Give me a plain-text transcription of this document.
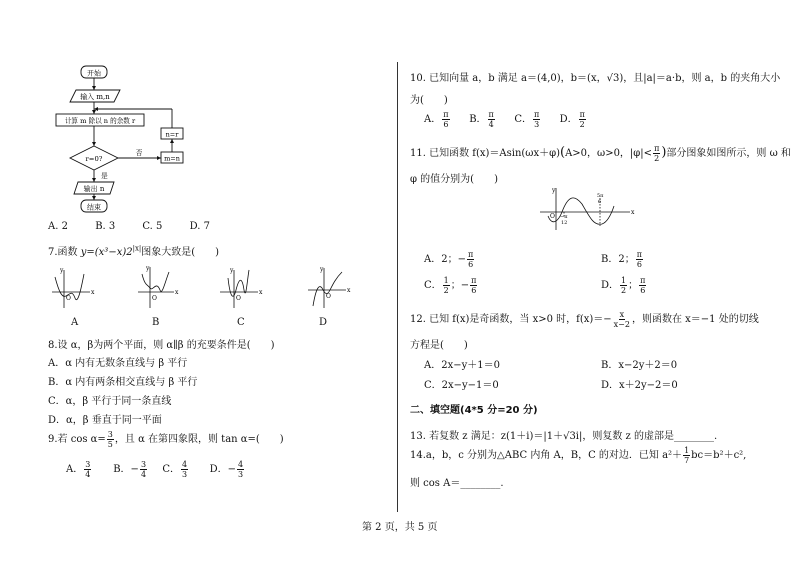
开始
输入 m,n
计算 m 除以 n 的余数 r
n=r
m=n
r=0?
否
是
输出 n
结束
A. 2	B. 3	C. 5	D. 7
7.函数 $y=(x^3-x)2^{|x|}$图象大致是(　　)
y
x
O
y
x
O
y
x
O
y
x
O
A	B	C	D
8.设 α，β为两个平面，则 α∥β 的充要条件是(　　)
A．α 内有无数条直线与 β 平行
B．α 内有两条相交直线与 β 平行
C．α，β 平行于同一条直线
D．α，β 垂直于同一平面
9.若 $\cos \alpha= \frac{3}{5}$ ，且 α 在第四象限，则 tan α=(　　)
A． $\frac{3}{4}$ B．− $\frac{3}{4}$ C． $\frac{4}{3}$ D．− $\frac{4}{3}$
10. 已知向量 a，b 满足 a＝(4,0)，b＝(x，√3)，且|a|＝a·b，则 a，b 的夹角大小
为(　　)
A． $\frac{\pi}{6}$ B． $\frac{\pi}{4}$ C． $\frac{\pi}{3}$ D． $\frac{\pi}{2}$
11. 已知函数 f(x)＝Asin(ωx＋φ)(A>0，ω>0，$|\varphi|< \frac{\pi}{2}$ )部分图象如图所示，则 ω 和
φ 的值分别为(　　)
x
y
O
5π
6
−π
12
A．2；− $\frac{\pi}{6}$	B．2； $\frac{\pi}{6}$
C． $\frac{1}{2}$ ；− $\frac{\pi}{6}$	D． $\frac{1}{2}$ ； $\frac{\pi}{6}$
12. 已知 f(x)是奇函数，当 x>0 时，$f(x)=- \frac{x}{x-2}$ ，则函数在 x＝−1 处的切线
方程是(　　)
A．2x−y＋1＝0	B．x−2y＋2＝0
C．2x−y−1＝0	D．x＋2y−2＝0
二、填空题(4*5 分=20 分)
13. 若复数 z 满足：z(1＋i)＝|1＋√3i|，则复数 z 的虚部是________.
14.a，b，c 分别为△ABC 内角 A，B，C 的对边．已知 $a^2+ \frac{1}{7} bc=b^2+c^2$,
则 cos A＝________.
第 2 页，共 5 页
